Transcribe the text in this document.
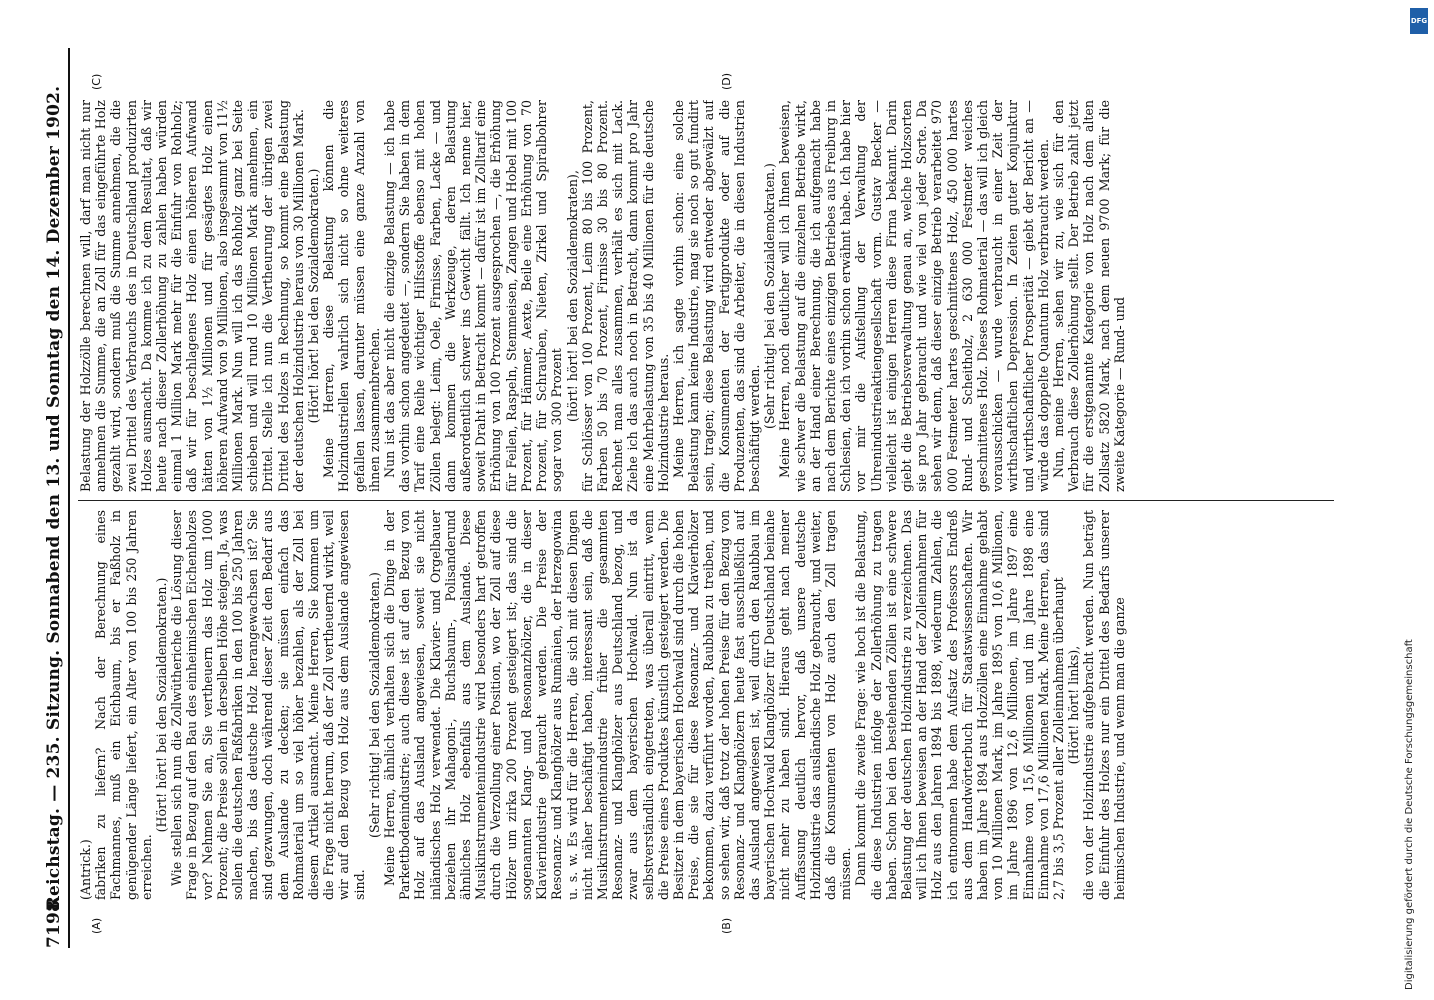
7198
Reichstag. — 235. Sitzung. Sonnabend den 13. und Sonntag den 14. Dezember 1902.
(A)	(B)
(C)	(D)

(Antrick.) fabriken zu liefern? Nach der Berechnung eines Fachmannes, muß ein Eichbaum, bis er Faßholz in genügender Länge liefert, ein Alter von 100 bis 250 Jahren erreichen.

(Hört! hört! bei den Sozialdemokraten.) Wie stellen sich nun die Zollwütheriche die Lösung dieser Frage in Bezug auf den Bau des einheimischen Eichenholzes vor? Nehmen Sie an, Sie vertheuern das Holz um 1000 Prozent; die Preise sollen in derselben Höhe steigen. Ja, was sollen die deutschen Faßfabriken in den 100 bis 250 Jahren machen, bis das deutsche Holz herangewachsen ist? Sie sind gezwungen, doch während dieser Zeit den Bedarf aus dem Auslande zu decken; sie müssen einfach das Rohmaterial um so viel höher bezahlen, als der Zoll bei diesem Artikel ausmacht. Meine Herren, Sie kommen um die Frage nicht herum, daß der Zoll vertheuernd wirkt, weil wir auf den Bezug von Holz aus dem Auslande angewiesen sind.

(Sehr richtig! bei den Sozialdemokraten.) Meine Herren, ähnlich verhalten sich die Dinge in der Parkettbodenindustrie; auch diese ist auf den Bezug von Holz auf das Ausland angewiesen, soweit sie nicht inländisches Holz verwendet. Die Klavier- und Orgelbauer beziehen ihr Mahagoni-, Buchsbaum-, Polisanderund ähnliches Holz ebenfalls aus dem Auslande. Diese Musikinstrumentenindustrie wird besonders hart getroffen durch die Verzollung einer Position, wo der Zoll auf diese Hölzer um zirka 200 Prozent gesteigert ist; das sind die sogenannten Klang- und Resonanzhölzer, die in dieser Klavierindustrie gebraucht werden. Die Preise der Resonanz- und Klanghölzer aus Rumänien, der Herzegowina u. s. w. Es wird für die Herren, die sich mit diesen Dingen nicht näher beschäftigt haben, interessant sein, daß die Musikinstrumentenindustrie früher die gesammten Resonanz- und Klanghölzer aus Deutschland bezog, und zwar aus dem bayerischen Hochwald. Nun ist da selbstverständlich eingetreten, was überall eintritt, wenn die Preise eines Produktes künstlich gesteigert werden. Die Besitzer in dem bayerischen Hochwald sind durch die hohen Preise, die sie für diese Resonanz- und Klavierhölzer bekommen, dazu verführt worden, Raubbau zu treiben, und so sehen wir, daß trotz der hohen Preise für den Bezug von Resonanz- und Klanghölzern heute fast ausschließlich auf das Ausland angewiesen ist, weil durch den Raubbau im bayerischen Hochwald Klanghölzer für Deutschland beinahe nicht mehr zu haben sind. Hieraus geht nach meiner Auffassung deutlich hervor, daß unsere deutsche Holzindustrie das ausländische Holz gebraucht, und weiter, daß die Konsumenten von Holz auch den Zoll tragen müssen. Dann kommt die zweite Frage: wie hoch ist die Belastung, die diese Industrien infolge der Zollerhöhung zu tragen haben. Schon bei den bestehenden Zöllen ist eine schwere Belastung der deutschen Holzindustrie zu verzeichnen. Das will ich Ihnen beweisen an der Hand der Zolleinnahmen für Holz aus den Jahren 1894 bis 1898, wiederum Zahlen, die ich entnommen habe dem Aufsatz des Professors Endreß aus dem Handwörterbuch für Staatswissenschaften. Wir haben im Jahre 1894 aus Holzzöllen eine Einnahme gehabt von 10 Millionen Mark, im Jahre 1895 von 10,6 Millionen, im Jahre 1896 von 12,6 Millionen, im Jahre 1897 eine Einnahme von 15,6 Millionen und im Jahre 1898 eine Einnahme von 17,6 Millionen Mark. Meine Herren, das sind 2,7 bis 3,5 Prozent aller Zolleinnahmen überhaupt (Hört! hört! links), die von der Holzindustrie aufgebracht werden. Nun beträgt die Einfuhr des Holzes nur ein Drittel des Bedarfs unserer heimischen Industrie, und wenn man die ganze

Belastung der Holzzölle berechnen will, darf man nicht nur annehmen die Summe, die an Zoll für das eingeführte Holz gezahlt wird, sondern muß die Summe annehmen, die die zwei Drittel des Verbrauchs des in Deutschland produzirten Holzes ausmacht. Da komme ich zu dem Resultat, daß wir heute nach dieser Zollerhöhung zu zahlen haben würden einmal 1 Million Mark mehr für die Einfuhr von Rohholz; daß wir für beschlagenes Holz einen höheren Aufwand hätten von 1½ Millionen und für gesägtes Holz einen höheren Aufwand von 9 Millionen, also insgesammt von 11½ Millionen Mark. Nun will ich das Rohholz ganz bei Seite schieben und will rund 10 Millionen Mark annehmen, ein Drittel. Stelle ich nun die Vertheurung der übrigen zwei Drittel des Holzes in Rechnung, so kommt eine Belastung der deutschen Holzindustrie heraus von 30 Millionen Mark. (Hört! hört! bei den Sozialdemokraten.) Meine Herren, diese Belastung können die Holzindustriellen wahrlich sich nicht so ohne weiteres gefallen lassen, darunter müssen eine ganze Anzahl von ihnen zusammenbrechen. Nun ist das aber nicht die einzige Belastung — ich habe das vorhin schon angedeutet —, sondern Sie haben in dem Tarif eine Reihe wichtiger Hilfsstoffe ebenso mit hohen Zöllen belegt: Leim, Oele, Firnisse, Farben, Lacke — und dann kommen die Werkzeuge, deren Belastung außerordentlich schwer ins Gewicht fällt. Ich nenne hier, soweit Draht in Betracht kommt — dafür ist im Zolltarif eine Erhöhung von 100 Prozent ausgesprochen —, die Erhöhung für Feilen, Raspeln, Stemmeisen, Zangen und Hobel mit 100 Prozent, für Hämmer, Aexte, Beile eine Erhöhung von 70 Prozent, für Schrauben, Nieten, Zirkel und Spiralbohrer sogar von 300 Prozent (hört! hört! bei den Sozialdemokraten), für Schlösser von 100 Prozent, Leim 80 bis 100 Prozent, Farben 50 bis 70 Prozent, Firnisse 30 bis 80 Prozent. Rechnet man alles zusammen, verhält es sich mit Lack. Ziehe ich das auch noch in Betracht, dann kommt pro Jahr eine Mehrbelastung von 35 bis 40 Millionen für die deutsche Holzindustrie heraus. Meine Herren, ich sagte vorhin schon: eine solche Belastung kann keine Industrie, mag sie noch so gut fundirt sein, tragen; diese Belastung wird entweder abgewälzt auf die Konsumenten der Fertigprodukte oder auf die Produzenten, das sind die Arbeiter, die in diesen Industrien beschäftigt werden. (Sehr richtig! bei den Sozialdemokraten.) Meine Herren, noch deutlicher will ich Ihnen beweisen, wie schwer die Belastung auf die einzelnen Betriebe wirkt, an der Hand einer Berechnung, die ich aufgemacht habe nach dem Berichte eines einzigen Betriebes aus Freiburg in Schlesien, den ich vorhin schon erwähnt habe. Ich habe hier vor mir die Aufstellung der Verwaltung der Uhrenindustrieaktiengesellschaft vorm. Gustav Becker — vielleicht ist einigen Herren diese Firma bekannt. Darin giebt die Betriebsverwaltung genau an, welche Holzsorten sie pro Jahr gebraucht und wie viel von jeder Sorte. Da sehen wir denn, daß dieser einzige Betrieb verarbeitet 970 000 Festmeter hartes geschnittenes Holz, 450 000 hartes Rund- und Scheitholz, 2 630 000 Festmeter weiches geschnittenes Holz. Dieses Rohmaterial — das will ich gleich vorausschicken — wurde verbraucht in einer Zeit der wirthschaftlichen Depression. In Zeiten guter Konjunktur und wirthschaftlicher Prosperität — giebt der Bericht an — würde das doppelte Quantum Holz verbraucht werden. Nun, meine Herren, sehen wir zu, wie sich für den Verbrauch diese Zollerhöhung stellt. Der Betrieb zahlt jetzt für die erstgenannte Kategorie von Holz nach dem alten Zollsatz 5820 Mark, nach dem neuen 9700 Mark; für die zweite Kategorie — Rund- und

DFG
Digitalisierung gefördert durch die Deutsche Forschungsgemeinschaft
